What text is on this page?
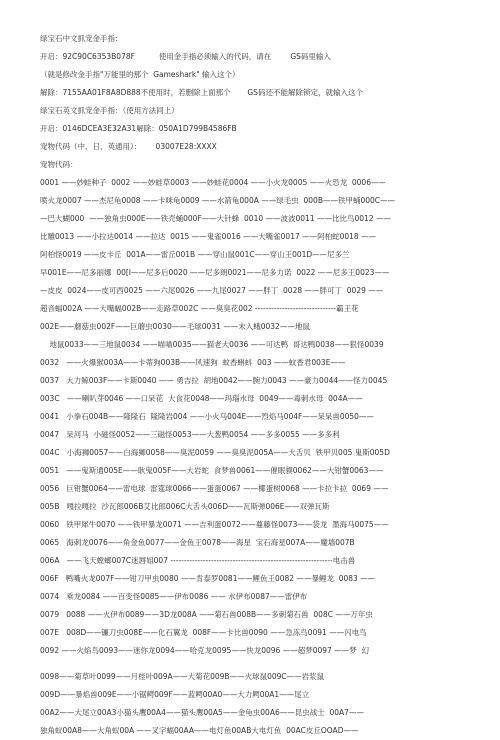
绿宝石中文抓宠金手指:
开启：92C90C6353B078F          使用金手指必须输入的代码，请在        GS码里输入
（就是修改金手指"万能里的那个  Gameshark" 输入这个）
解除：7155AA01F8A8D888不使用时，若删除上面那个       GS码还不能解除锁定，就输入这个
绿宝石英文抓宠金手指：（使用方法同上）
开启：0146DCEA3E32A31解除：050A1D799B4586FB
宠物代码（中、日、英通用）：      03007E28:XXXX
宠物代码：
0001 ——妙蛙种子  0002 ——妙蛙草0003 ——妙蛙花0004 ——小火龙0005 ——火恐龙  0006——
喷火龙0007 ——杰尼龟0008 ——卡咪龟0009 ——水箭龟000A ——绿毛虫  000B——铁甲蛹000C——
—巴大蝴000  ——独角虫000E——铁壳蛹000F——大针蜂  0010 ——波波0011 ——比比鸟0012 ——
比雕0013 ——小拉达0014 ——拉达  0015 ——鬼雀0016 ——大嘴雀0017 ——阿柏蛇0018 ——
阿柏怪0019 ——皮卡丘  001A——雷丘001B ——穿山鼠001C——穿山王001D——尼多兰
早001E——尼多丽娜  00[I——尼多后0020 ——尼多朗0021——尼多力诺  0022 ——尼多王0023——
—皮皮  0024——皮可西0025 ——六尾0026 ——九尾0027 ——胖丁  0028 ——胖可丁  0029 ——
超音蝠002A ——大嘴蝠002B——走路草002C ——臭臭花002 ------------------------------霸王花
002E——蘑菇虫002F——巨蘑虫0030——毛球0031 ——末入蛾0032——地鼠
地鼠0033——三地鼠0034 ——喵喵0035——猫老大0036 ——可达鸭  哥达鸭0038——狠怪0039
0032   ——火爆猴003A——卡蒂狗003B——风速狗  蚊香蝌蚪  003 ——蚊香君003E——
0037   大力鲸003F——卡斯0040 —— 勇吉拉  胡地0042——腕力0043 ——豪力0044——怪力0045
003C   ——喇叭芽0046 ——口呆花  大食花0048——玛瑙水母  0049——毒刺水母  004A——
0041   小拳石004B——隆隆石  隆隆岩004 ——小火马004E——烈焰马004F——呆呆兽0050——
0047   呆河马  小磁怪0052——三磁怪0053——大葱鸭0054 ——多多0055 ——多多利
004C   小海狮0057——白海狮0058——臭泥0059 ——臭臭泥005A——大舌贝  铁甲贝005 鬼斯005D
0051   ——鬼斯通005E——耿鬼005F——大岩蛇  食梦兽0061——催眠貘0062——大钳蟹0063——
0056   巨钳蟹0064——雷电球  雷霆球0066——蛋蛋0067 ——椰蛋树0068 ——卡拉卡拉  0069 ——
005B   嘎拉嘎拉  沙瓦郎006B艾比郎006C大舌头006D——瓦斯弹006E——双弹瓦斯
0060   铁甲犀牛0070 ——铁甲暴龙0071 ——吉利蛋0072——蔓藤怪0073——袋龙  墨海马0075——
0065   海刺龙0076——角金鱼0077——金鱼王0078——海星  宝石海星007A——魔墙007B
006A   ——飞天螳螂007C迷唇姐007 ------------------------------------------------------------电击兽
006F   鸭嘴火龙007F——钳刀甲虫0080 ——肯泰罗0081——鲤鱼王0082 ——暴鲤龙  0083 ——
0074   乘龙0084 ——百变怪0085——伊布0086 —— 水伊布0087——雷伊布
0079   0088 ——火伊布0089——3D龙008A ——菊石兽008B——多刺菊石兽  008C ——万年虫
007E   008D——镰刀虫008E——化石翼龙  008F——卡比兽0090 ——急冻鸟0091 ——闪电鸟
0092 ——火焰鸟0093——迷你龙0094——哈克龙0095——快龙0096 ——超梦0097 ——梦  幻
0098——菊草叶0099——月桂叶009A——大菊花009B——火球鼠009C——岩浆鼠
009D——暴焰兽009E——小锯鳄009F——蓝鳄00A0——大力鳄00A1——尾立
00A2——大尾立00A3小猫头鹰00A4——猫头鹰00A5——金龟虫00A6——昆虫战士  00A7——
独角蚁00A8——大角蚁00A ——叉字蝠00AA——电灯鱼00AB大电灯鱼  00AC皮丘OOAD——
